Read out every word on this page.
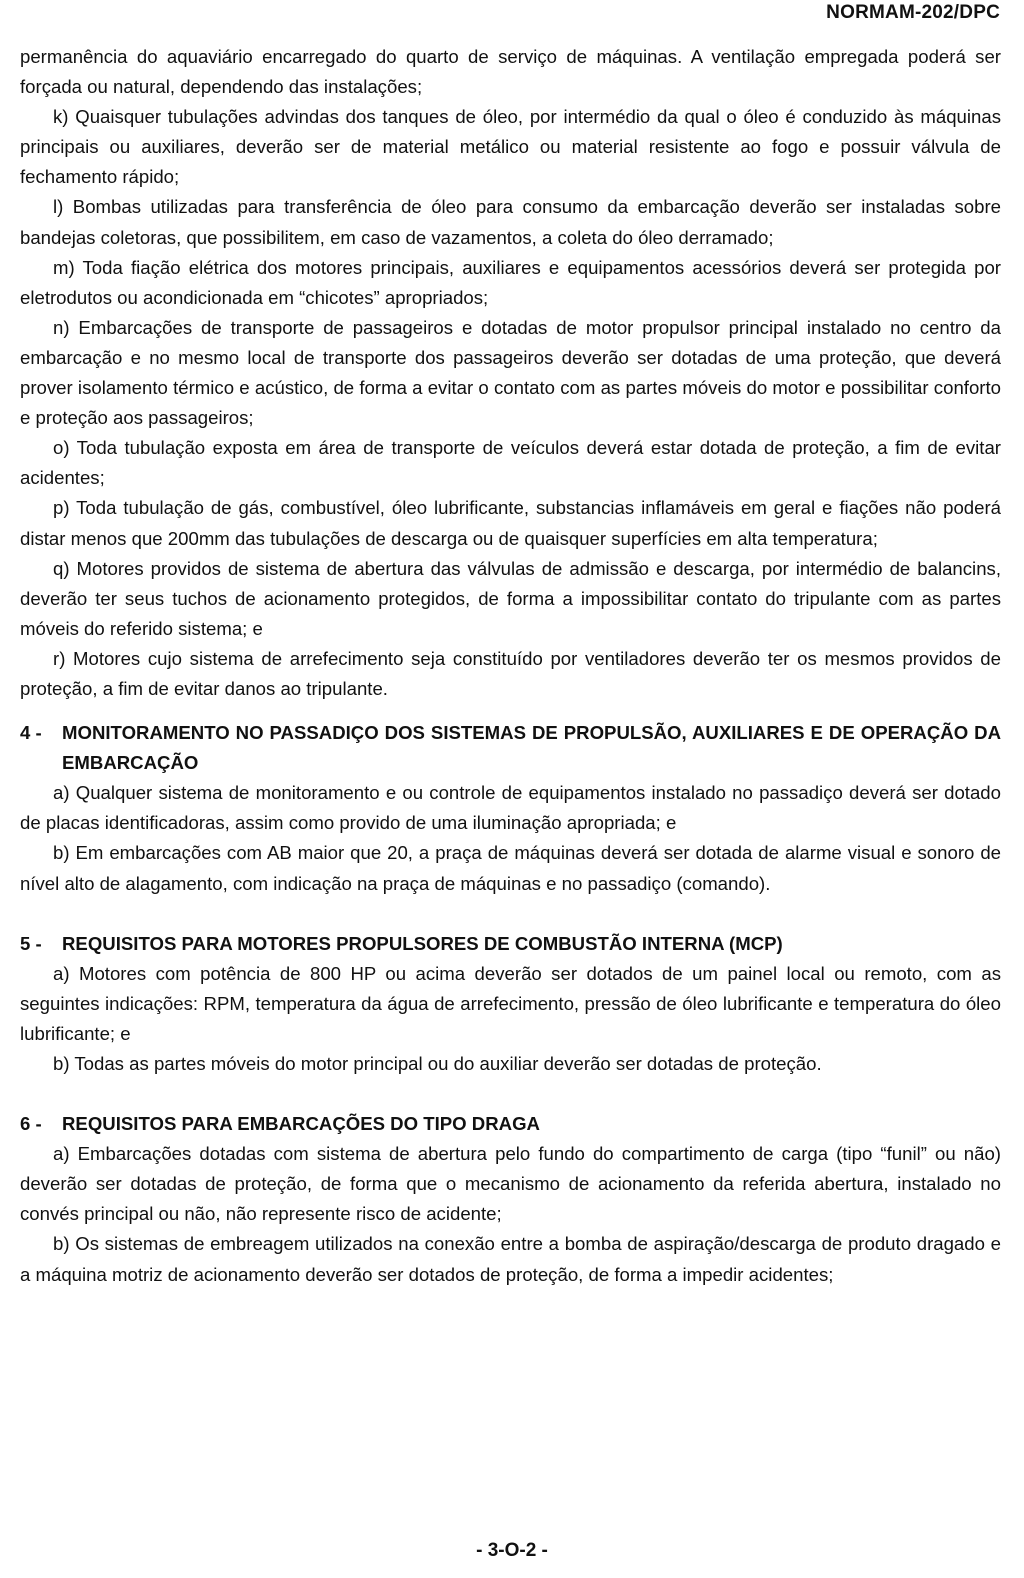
NORMAM-202/DPC

permanência do aquaviário encarregado do quarto de serviço de máquinas. A ventilação empregada poderá ser forçada ou natural, dependendo das instalações;

k) Quaisquer tubulações advindas dos tanques de óleo, por intermédio da qual o óleo é conduzido às máquinas principais ou auxiliares, deverão ser de material metálico ou material resistente ao fogo e possuir válvula de fechamento rápido;

l) Bombas utilizadas para transferência de óleo para consumo da embarcação deverão ser instaladas sobre bandejas coletoras, que possibilitem, em caso de vazamentos, a coleta do óleo derramado;

m) Toda fiação elétrica dos motores principais, auxiliares e equipamentos acessórios deverá ser protegida por eletrodutos ou acondicionada em “chicotes” apropriados;

n) Embarcações de transporte de passageiros e dotadas de motor propulsor principal instalado no centro da embarcação e no mesmo local de transporte dos passageiros deverão ser dotadas de uma proteção, que deverá prover isolamento térmico e acústico, de forma a evitar o contato com as partes móveis do motor e possibilitar conforto e proteção aos passageiros;

o) Toda tubulação exposta em área de transporte de veículos deverá estar dotada de proteção, a fim de evitar acidentes;

p) Toda tubulação de gás, combustível, óleo lubrificante, substancias inflamáveis em geral e fiações não poderá distar menos que 200mm das tubulações de descarga ou de quaisquer superfícies em alta temperatura;

q) Motores providos de sistema de abertura das válvulas de admissão e descarga, por intermédio de balancins, deverão ter seus tuchos de acionamento protegidos, de forma a impossibilitar contato do tripulante com as partes móveis do referido sistema; e

r) Motores cujo sistema de arrefecimento seja constituído por ventiladores deverão ter os mesmos providos de proteção, a fim de evitar danos ao tripulante.

4 -	MONITORAMENTO NO PASSADIÇO DOS SISTEMAS DE PROPULSÃO, AUXILIARES E DE OPERAÇÃO DA EMBARCAÇÃO

a) Qualquer sistema de monitoramento e ou controle de equipamentos instalado no passadiço deverá ser dotado de placas identificadoras, assim como provido de uma iluminação apropriada; e

b) Em embarcações com AB maior que 20, a praça de máquinas deverá ser dotada de alarme visual e sonoro de nível alto de alagamento, com indicação na praça de máquinas e no passadiço (comando).

5 -	REQUISITOS PARA MOTORES PROPULSORES DE COMBUSTÃO INTERNA (MCP)

a) Motores com potência de 800 HP ou acima deverão ser dotados de um painel local ou remoto, com as seguintes indicações: RPM, temperatura da água de arrefecimento, pressão de óleo lubrificante e temperatura do óleo lubrificante; e

b) Todas as partes móveis do motor principal ou do auxiliar deverão ser dotadas de proteção.

6 -	REQUISITOS PARA EMBARCAÇÕES DO TIPO DRAGA

a) Embarcações dotadas com sistema de abertura pelo fundo do compartimento de carga (tipo “funil” ou não) deverão ser dotadas de proteção, de forma que o mecanismo de acionamento da referida abertura, instalado no convés principal ou não, não represente risco de acidente;

b) Os sistemas de embreagem utilizados na conexão entre a bomba de aspiração/descarga de produto dragado e a máquina motriz de acionamento deverão ser dotados de proteção, de forma a impedir acidentes;

- 3-O-2 -
